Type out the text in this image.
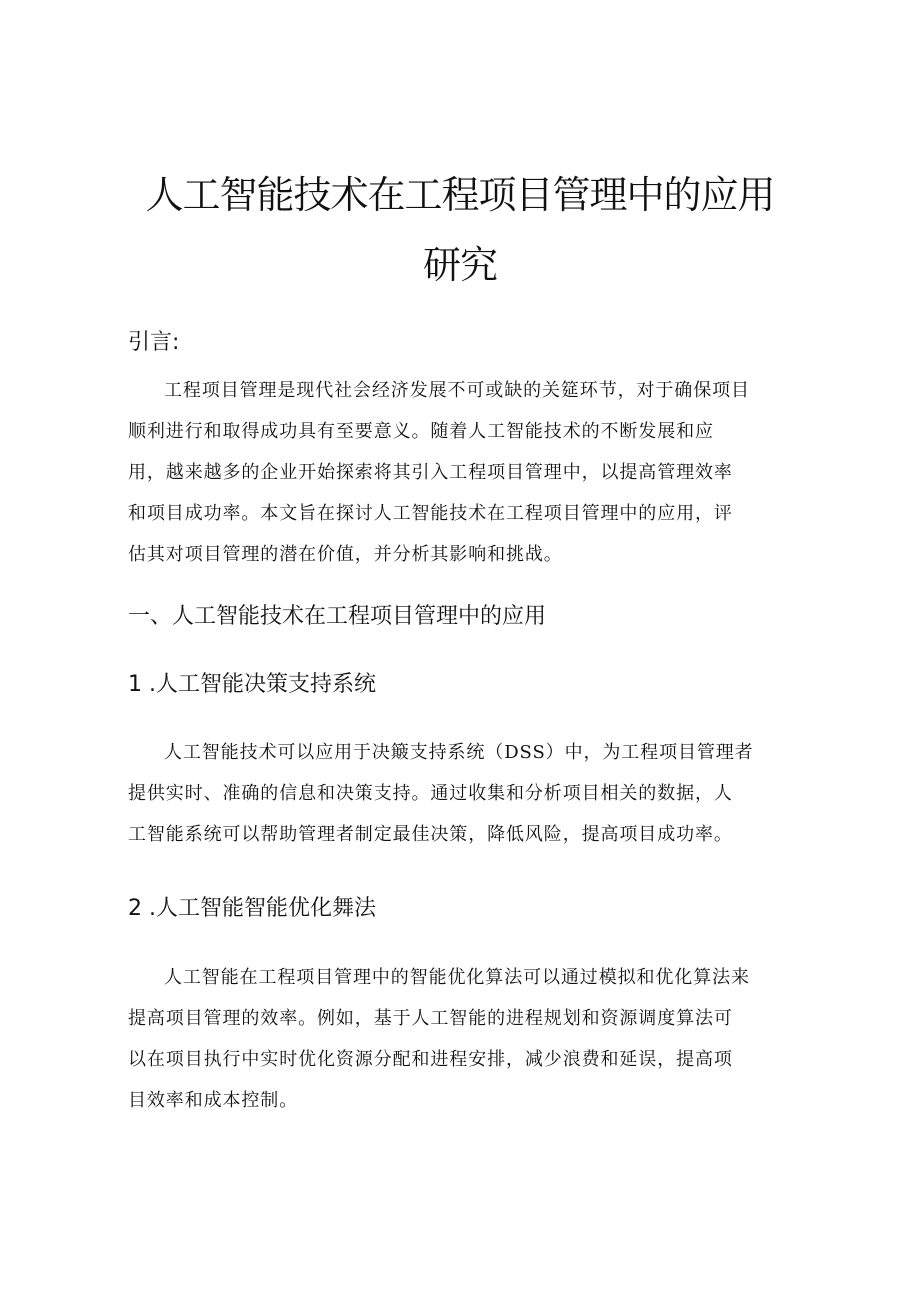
人工智能技术在工程项目管理中的应用
研究
引言:
工程项目管理是现代社会经济发展不可或缺的关筵环节，对于确保项目
顺利进行和取得成功具有至要意义。随着人工智能技术的不断发展和应
用，越来越多的企业开始探索将其引入工程项目管理中，以提高管理效率
和项目成功率。本文旨在探讨人工智能技术在工程项目管理中的应用，评
估其对项目管理的潜在价值，并分析其影响和挑战。
一、人工智能技术在工程项目管理中的应用
1 .人工智能决策支持系统
人工智能技术可以应用于决簸支持系统（DSS）中，为工程项目管理者
提供实时、准确的信息和决策支持。通过收集和分析项目相关的数据，人
工智能系统可以帮助管理者制定最佳决策，降低风险，提高项目成功率。
2 .人工智能智能优化舞法
人工智能在工程项目管理中的智能优化算法可以通过模拟和优化算法来
提高项目管理的效率。例如，基于人工智能的进程规划和资源调度算法可
以在项目执行中实时优化资源分配和进程安排，减少浪费和延误，提高项
目效率和成本控制。
